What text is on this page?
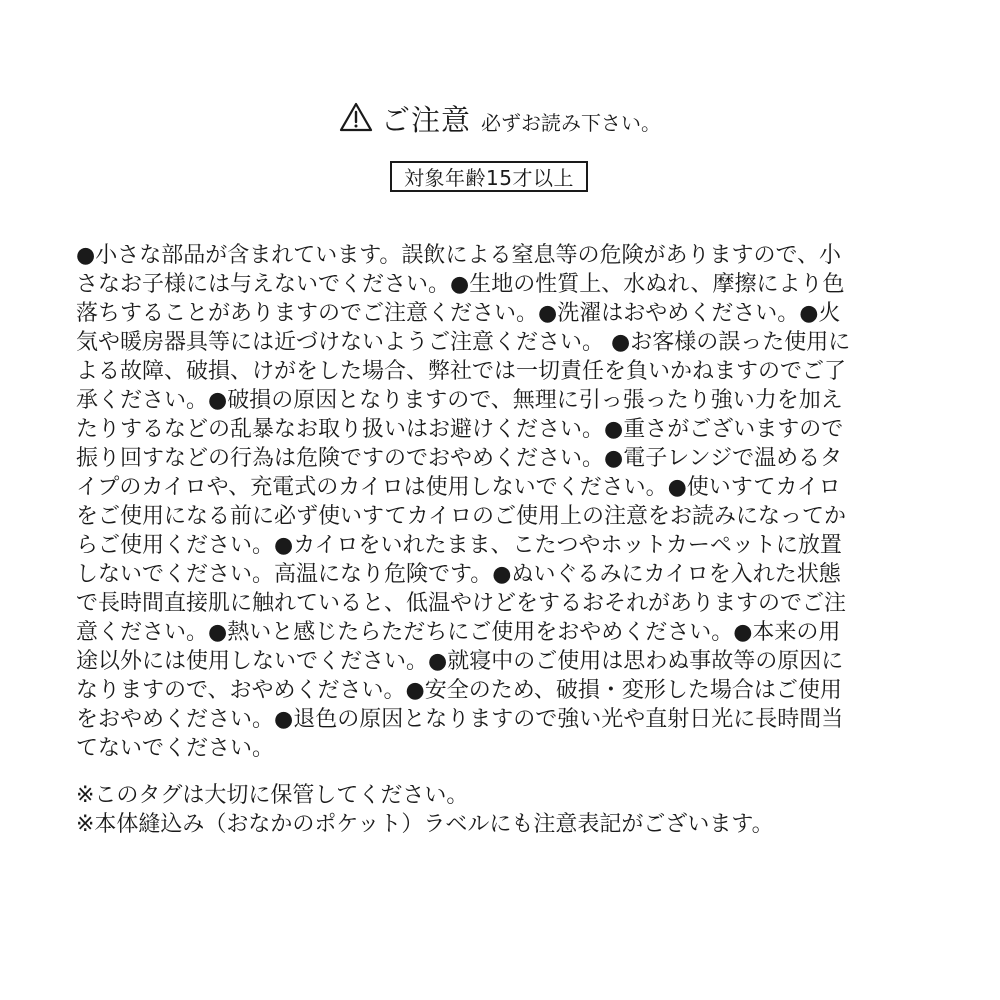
ご注意 必ずお読み下さい。
対象年齢15才以上
●小さな部品が含まれています。誤飲による窒息等の危険がありますので、小
さなお子様には与えないでください。●生地の性質上、水ぬれ、摩擦により色
落ちすることがありますのでご注意ください。●洗濯はおやめください。●火
気や暖房器具等には近づけないようご注意ください。 ●お客様の誤った使用に
よる故障、破損、けがをした場合、弊社では一切責任を負いかねますのでご了
承ください。●破損の原因となりますので、無理に引っ張ったり強い力を加え
たりするなどの乱暴なお取り扱いはお避けください。●重さがございますので
振り回すなどの行為は危険ですのでおやめください。●電子レンジで温めるタ
イプのカイロや、充電式のカイロは使用しないでください。●使いすてカイロ
をご使用になる前に必ず使いすてカイロのご使用上の注意をお読みになってか
らご使用ください。●カイロをいれたまま、こたつやホットカーペットに放置
しないでください。高温になり危険です。●ぬいぐるみにカイロを入れた状態
で長時間直接肌に触れていると、低温やけどをするおそれがありますのでご注
意ください。●熱いと感じたらただちにご使用をおやめください。●本来の用
途以外には使用しないでください。●就寝中のご使用は思わぬ事故等の原因に
なりますので、おやめください。●安全のため、破損・変形した場合はご使用
をおやめください。●退色の原因となりますので強い光や直射日光に長時間当
てないでください。
※このタグは大切に保管してください。
※本体縫込み（おなかのポケット）ラベルにも注意表記がございます。
